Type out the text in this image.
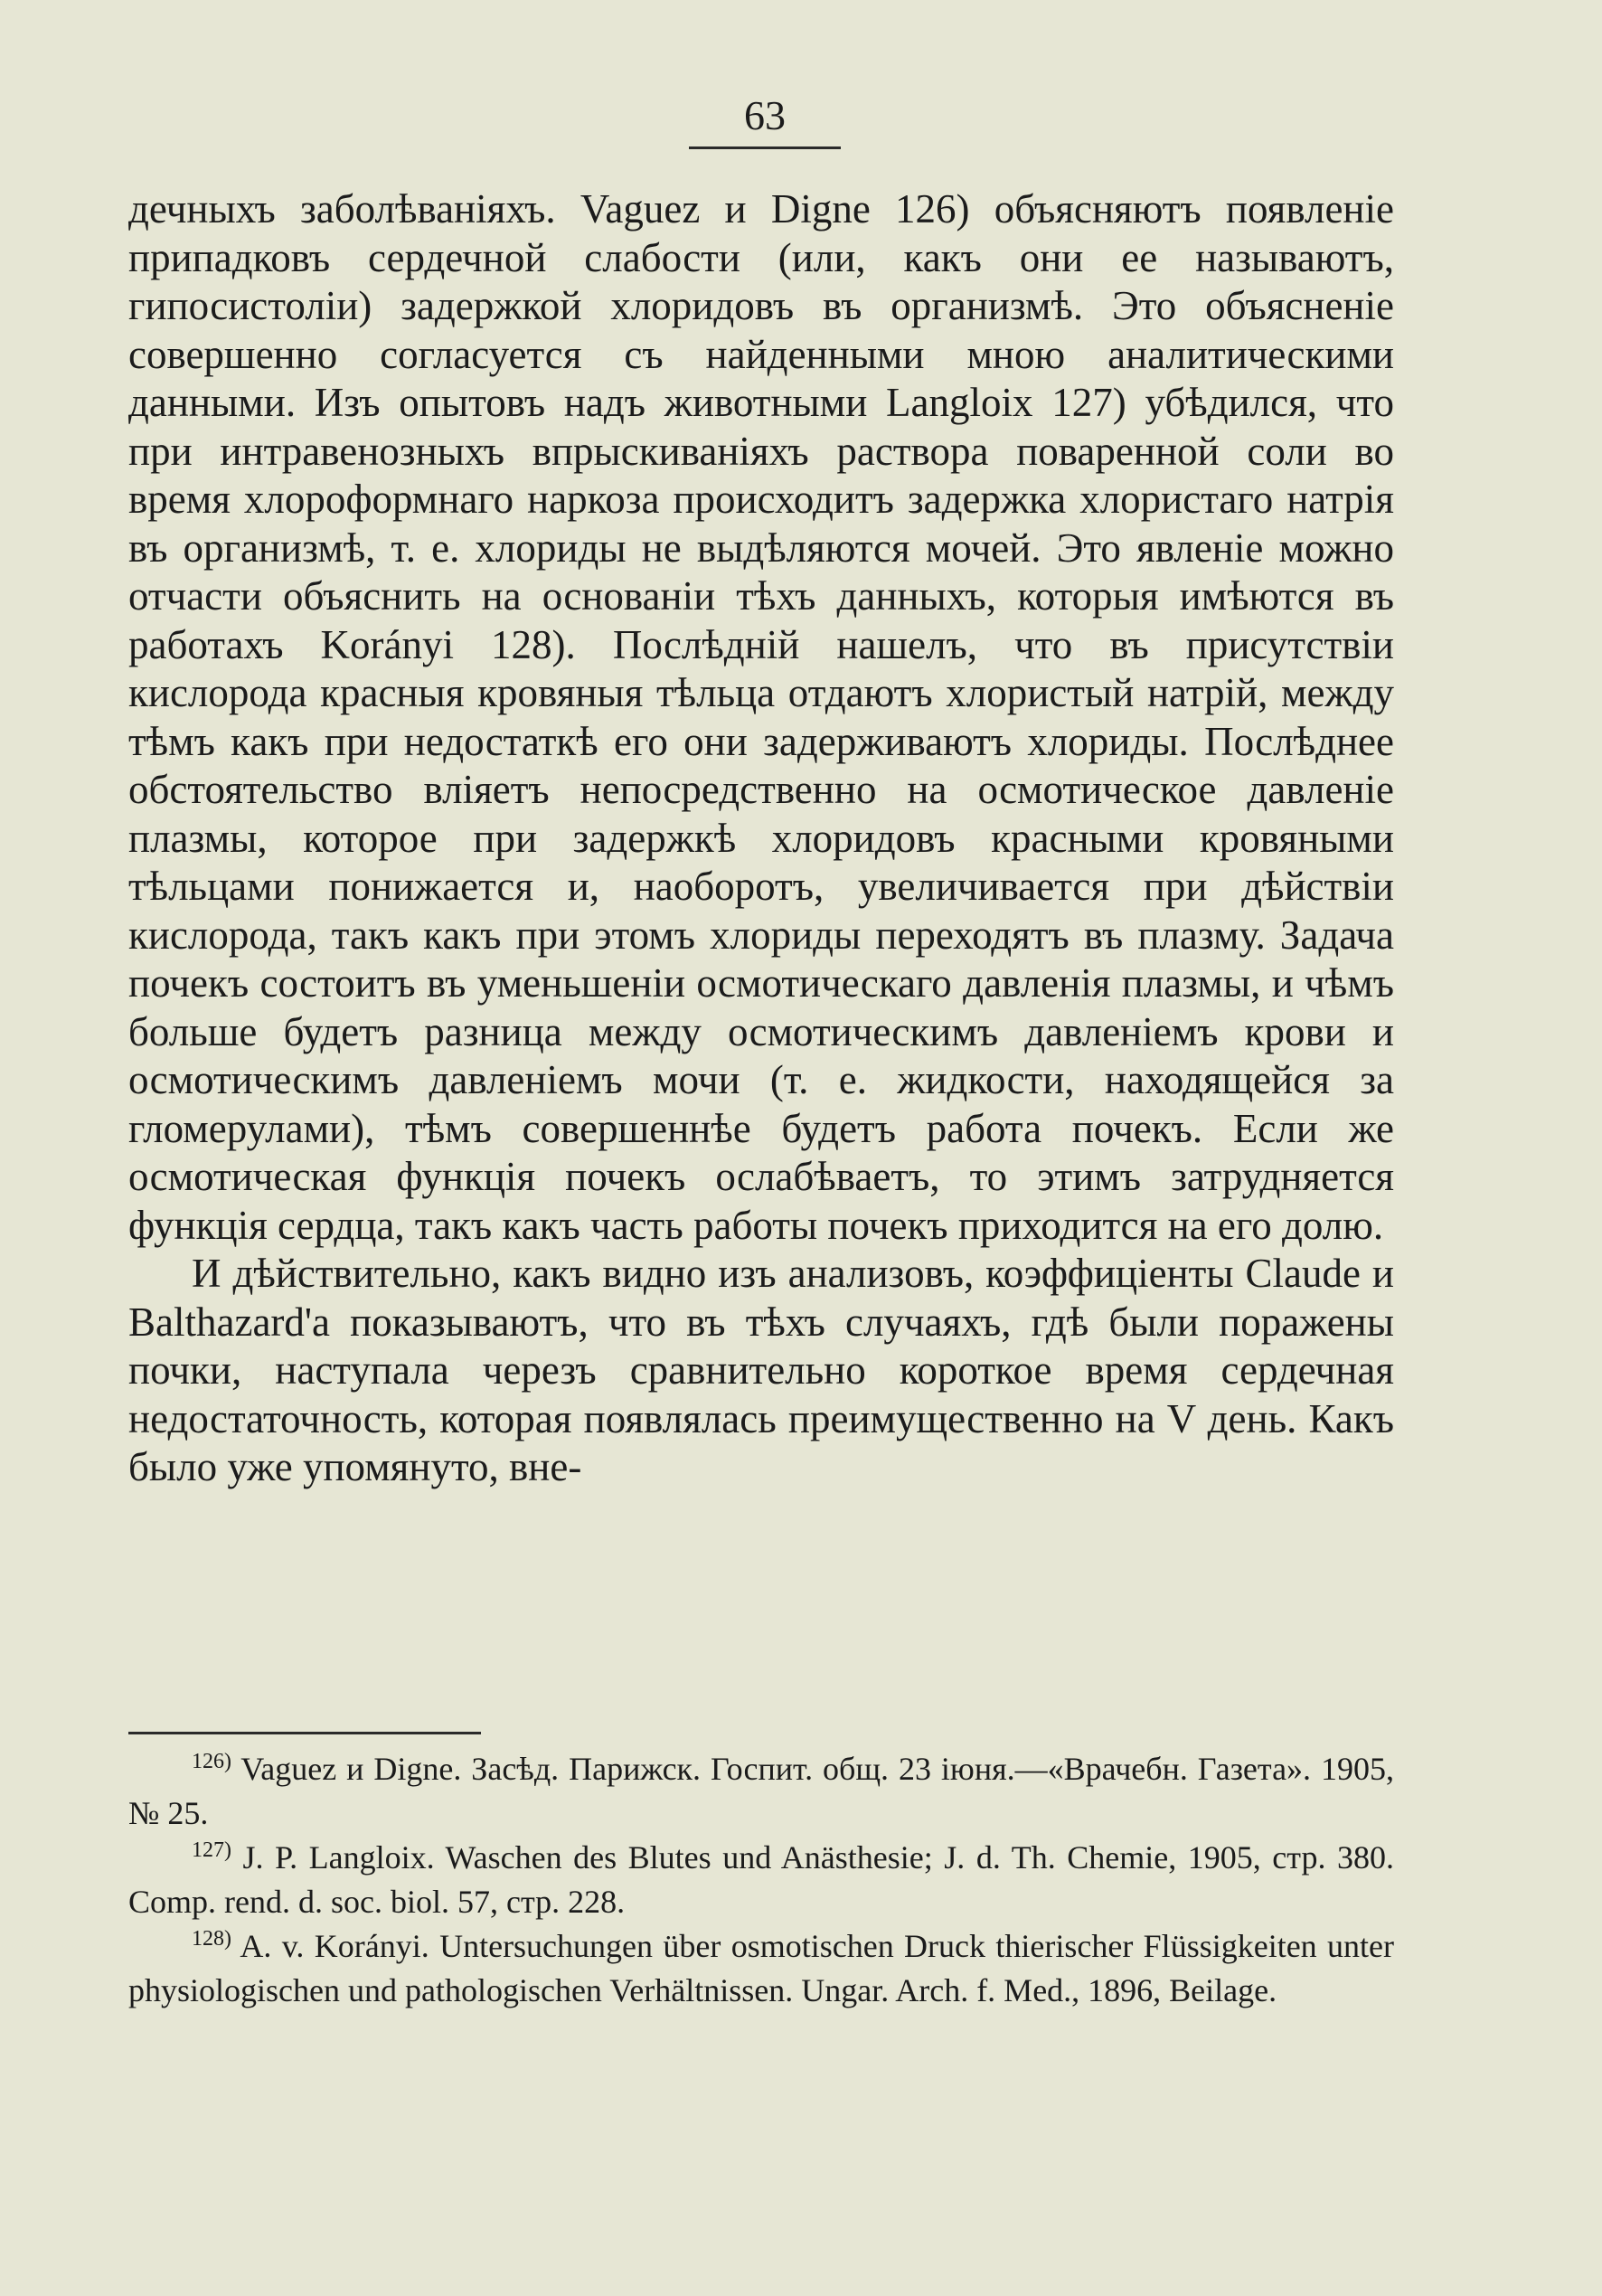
63

дечныхъ заболѣваніяхъ. Vaguez и Digne 126) объясняютъ появленіе припадковъ сердечной слабости (или, какъ они ее называютъ, гипосистоліи) задержкой хлоридовъ въ организмѣ. Это объясненіе совершенно согласуется съ найденными мною аналитическими данными. Изъ опытовъ надъ животными Langloix 127) убѣдился, что при интравенозныхъ впрыскиваніяхъ раствора поваренной соли во время хлороформнаго наркоза происходитъ задержка хлористаго натрія въ организмѣ, т. е. хлориды не выдѣляются мочей. Это явленіе можно отчасти объяснить на основаніи тѣхъ данныхъ, которыя имѣются въ работахъ Korányi 128). Послѣдній нашелъ, что въ присутствіи кислорода красныя кровяныя тѣльца отдаютъ хлористый натрій, между тѣмъ какъ при недостаткѣ его они задерживаютъ хлориды. Послѣднее обстоятельство вліяетъ непосредственно на осмотическое давленіе плазмы, которое при задержкѣ хлоридовъ красными кровяными тѣльцами понижается и, наоборотъ, увеличивается при дѣйствіи кислорода, такъ какъ при этомъ хлориды переходятъ въ плазму. Задача почекъ состоитъ въ уменьшеніи осмотическаго давленія плазмы, и чѣмъ больше будетъ разница между осмотическимъ давленіемъ крови и осмотическимъ давленіемъ мочи (т. е. жидкости, находящейся за гломерулами), тѣмъ совершеннѣе будетъ работа почекъ. Если же осмотическая функція почекъ ослабѣваетъ, то этимъ затрудняется функція сердца, такъ какъ часть работы почекъ приходится на его долю.

И дѣйствительно, какъ видно изъ анализовъ, коэффиціенты Claude и Balthazard'а показываютъ, что въ тѣхъ случаяхъ, гдѣ были поражены почки, наступала черезъ сравнительно короткое время сердечная недостаточность, которая появлялась преимущественно на V день. Какъ было уже упомянуто, вне-

$^{126)}$ Vaguez и Digne. Засѣд. Парижск. Госпит. общ. 23 іюня.—«Врачебн. Газета». 1905, № 25.

$^{127)}$ J. P. Langloix. Waschen des Blutes und Anästhesie; J. d. Th. Chemie, 1905, стр. 380. Comp. rend. d. soc. biol. 57, стр. 228.

$^{128)}$ A. v. Korányi. Untersuchungen über osmotischen Druck thierischer Flüssigkeiten unter physiologischen und pathologischen Verhältnissen. Ungar. Arch. f. Med., 1896, Beilage.
